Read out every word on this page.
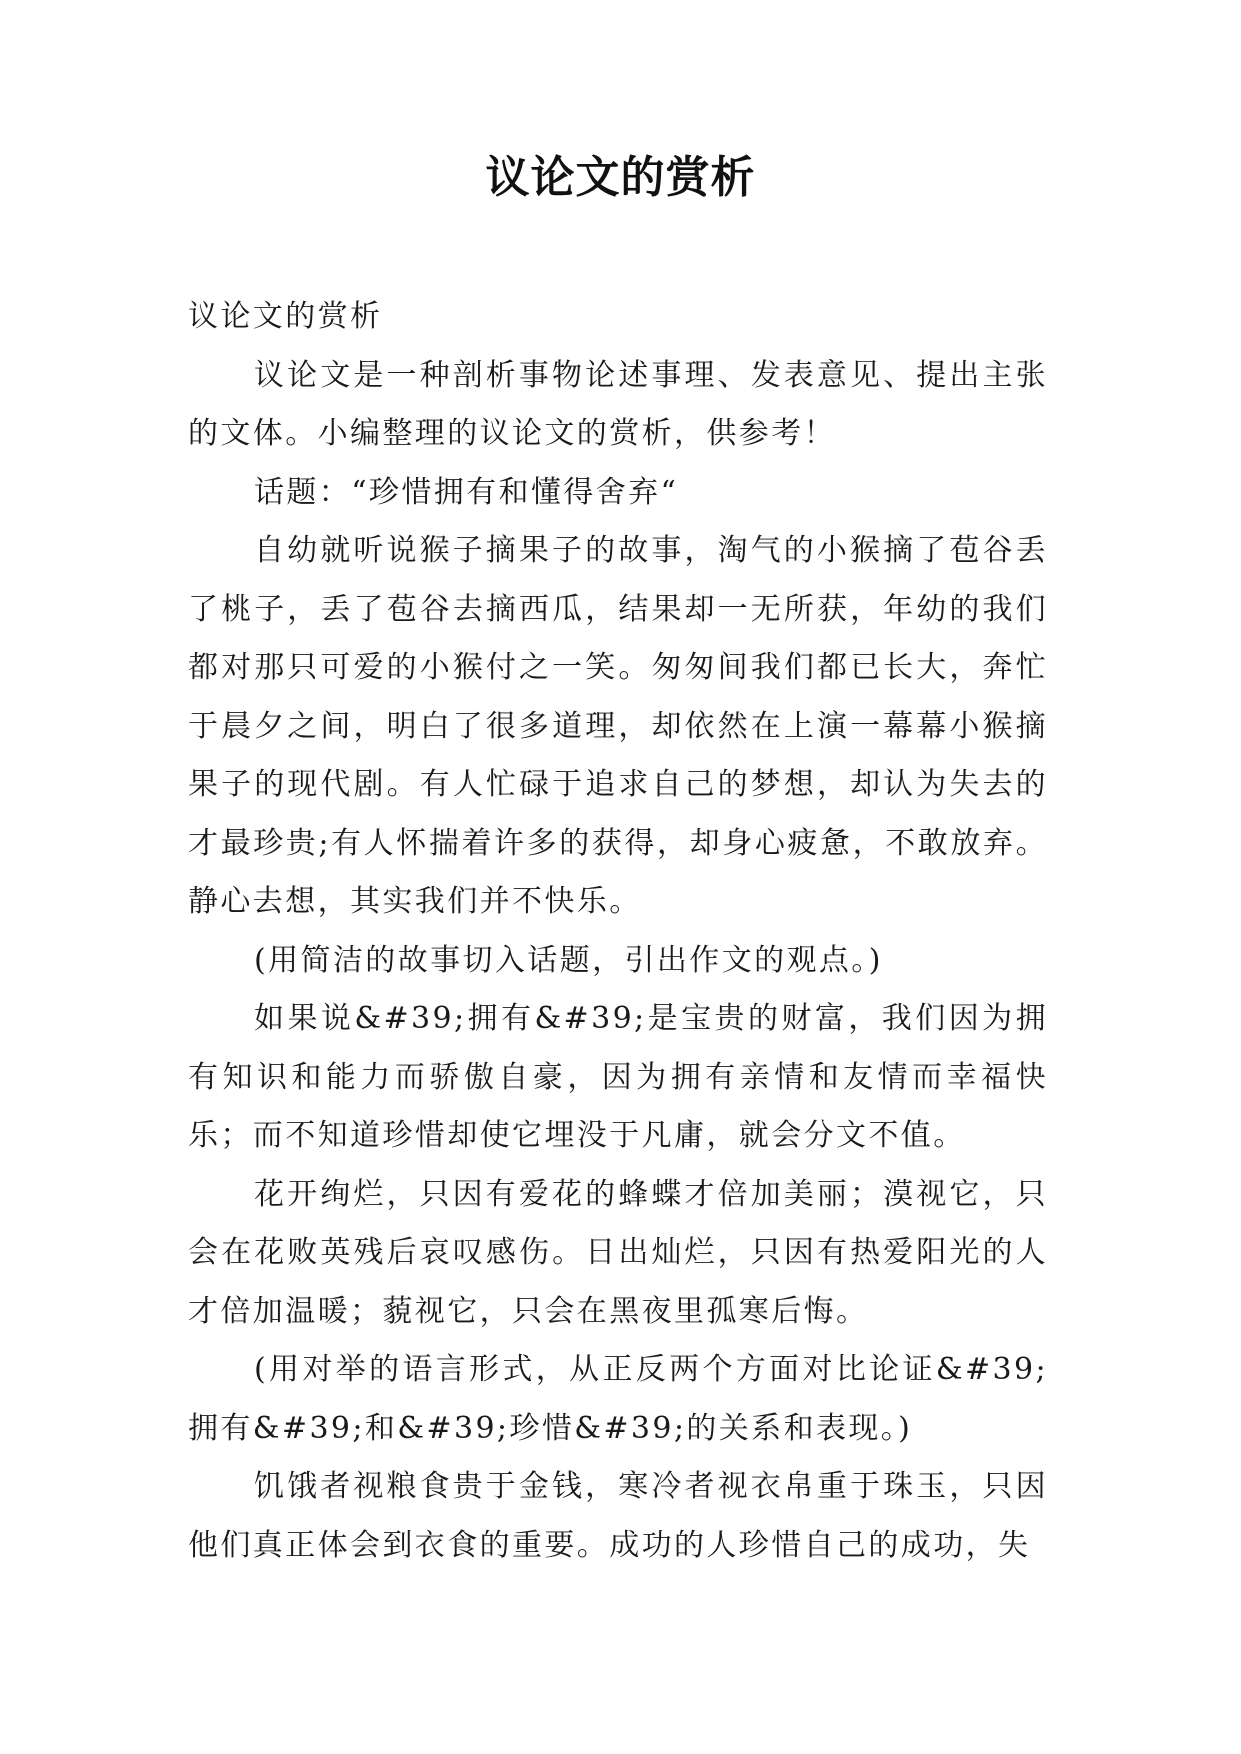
议论文的赏析

议论文的赏析

议论文是一种剖析事物论述事理、发表意见、提出主张的文体。小编整理的议论文的赏析，供参考！

话题：“珍惜拥有和懂得舍弃“

自幼就听说猴子摘果子的故事，淘气的小猴摘了苞谷丢了桃子，丢了苞谷去摘西瓜，结果却一无所获，年幼的我们都对那只可爱的小猴付之一笑。匆匆间我们都已长大，奔忙于晨夕之间，明白了很多道理，却依然在上演一幕幕小猴摘果子的现代剧。有人忙碌于追求自己的梦想，却认为失去的才最珍贵;有人怀揣着许多的获得，却身心疲惫，不敢放弃。静心去想，其实我们并不快乐。

(用简洁的故事切入话题，引出作文的观点。)

如果说&#39;拥有&#39;是宝贵的财富，我们因为拥有知识和能力而骄傲自豪，因为拥有亲情和友情而幸福快乐；而不知道珍惜却使它埋没于凡庸，就会分文不值。

花开绚烂，只因有爱花的蜂蝶才倍加美丽；漠视它，只会在花败英残后哀叹感伤。日出灿烂，只因有热爱阳光的人才倍加温暖；藐视它，只会在黑夜里孤寒后悔。

(用对举的语言形式，从正反两个方面对比论证&#39;拥有&#39;和&#39;珍惜&#39;的关系和表现。)

饥饿者视粮食贵于金钱，寒冷者视衣帛重于珠玉，只因他们真正体会到衣食的重要。成功的人珍惜自己的成功，失
